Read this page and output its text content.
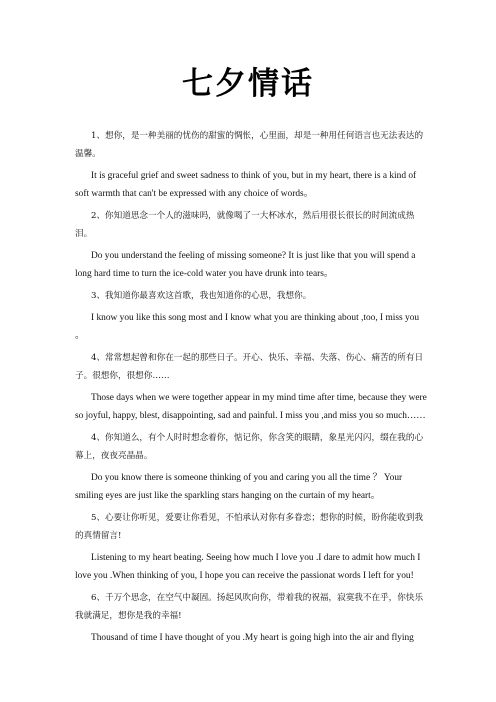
七夕情话

1、想你，是一种美丽的忧伤的甜蜜的惆怅，心里面，却是一种用任何语言也无法表达的温馨。

It is graceful grief and sweet sadness to think of you, but in my heart, there is a kind of soft warmth that can't be expressed with any choice of words。

2、你知道思念一个人的滋味吗，就像喝了一大杯冰水，然后用很长很长的时间流成热泪。

Do you understand the feeling of missing someone? It is just like that you will spend a long hard time to turn the ice-cold water you have drunk into tears。

3、我知道你最喜欢这首歌，我也知道你的心思，我想你。

I know you like this song most and I know what you are thinking about ,too, I miss you 。

4、常常想起曾和你在一起的那些日子。开心、快乐、幸福、失落、伤心、痛苦的所有日子。很想你，很想你……

Those days when we were together appear in my mind time after time, because they were so joyful, happy, blest, disappointing, sad and painful. I miss you ,and miss you so much……

4、你知道么，有个人时时想念着你，惦记你，你含笑的眼睛，象星光闪闪，缀在我的心幕上，夜夜亮晶晶。

Do you know there is someone thinking of you and caring you all the time ？ Your smiling eyes are just like the sparkling stars hanging on the curtain of my heart。

5、心要让你听见，爱要让你看见，不怕承认对你有多眷恋；想你的时候，盼你能收到我的真情留言!

Listening to my heart beating. Seeing how much I love you .I dare to admit how much I love you .When thinking of you, I hope you can receive the passionat words I left for you!

6、千万个思念，在空气中凝固。扬起风吹向你，带着我的祝福，寂寞我不在乎，你快乐我就满足，想你是我的幸福!

Thousand of time I have thought of you .My heart is going high into the air and flying
